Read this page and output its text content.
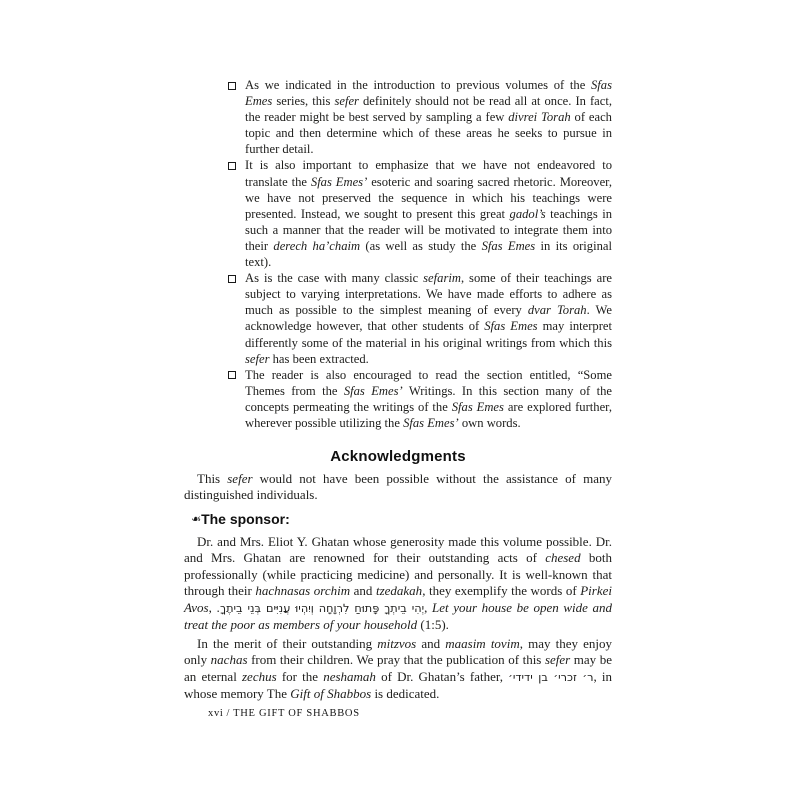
As we indicated in the introduction to previous volumes of the Sfas Emes series, this sefer definitely should not be read all at once. In fact, the reader might be best served by sampling a few divrei Torah of each topic and then determine which of these areas he seeks to pursue in further detail.
It is also important to emphasize that we have not endeavored to translate the Sfas Emes’ esoteric and soaring sacred rhetoric. Moreover, we have not preserved the sequence in which his teachings were presented. Instead, we sought to present this great gadol’s teachings in such a manner that the reader will be motivated to integrate them into their derech ha’chaim (as well as study the Sfas Emes in its original text).
As is the case with many classic sefarim, some of their teachings are subject to varying interpretations. We have made efforts to adhere as much as possible to the simplest meaning of every dvar Torah. We acknowledge however, that other students of Sfas Emes may interpret differently some of the material in his original writings from which this sefer has been extracted.
The reader is also encouraged to read the section entitled, “Some Themes from the Sfas Emes’ Writings. In this section many of the concepts permeating the writings of the Sfas Emes are explored further, wherever possible utilizing the Sfas Emes’ own words.
Acknowledgments

This sefer would not have been possible without the assistance of many distinguished individuals.

❧ The sponsor:

Dr. and Mrs. Eliot Y. Ghatan whose generosity made this volume possible. Dr. and Mrs. Ghatan are renowned for their outstanding acts of chesed both professionally (while practicing medicine) and personally. It is well-known that through their hachnasas orchim and tzedakah, they exemplify the words of Pirkei Avos, יְהִי בֵיתְךָ פָּתוּחַ לִרְוָחָה וְיִהְיוּ עֲנִיִּים בְּנֵי בֵיתֶךָ., Let your house be open wide and treat the poor as members of your household (1:5).

In the merit of their outstanding mitzvos and maasim tovim, may they enjoy only nachas from their children. We pray that the publication of this sefer may be an eternal zechus for the neshamah of Dr. Ghatan’s father, ר׳ זכרי׳ בן ידידי׳, in whose memory The Gift of Shabbos is dedicated.

xvi / THE GIFT OF SHABBOS
